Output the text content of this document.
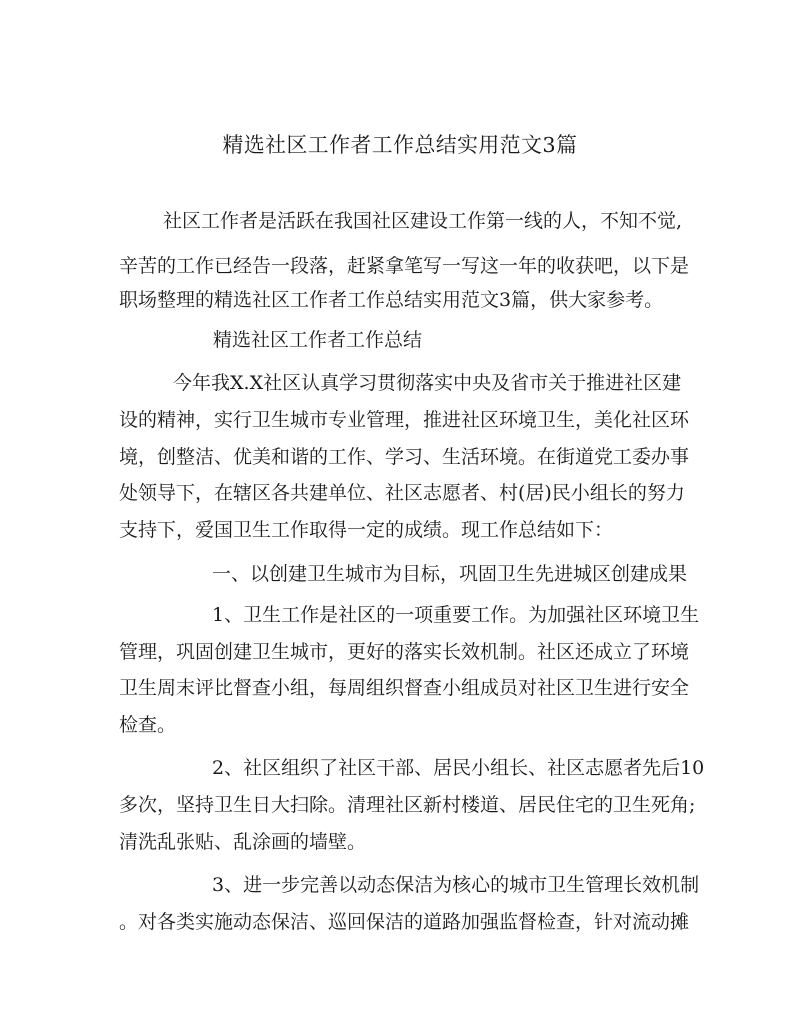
精选社区工作者工作总结实用范文3篇
社区工作者是活跃在我国社区建设工作第一线的人，不知不觉,
辛苦的工作已经告一段落，赶紧拿笔写一写这一年的收获吧，以下是
职场整理的精选社区工作者工作总结实用范文3篇，供大家参考。
精选社区工作者工作总结
今年我X.X社区认真学习贯彻落实中央及省市关于推进社区建
设的精神，实行卫生城市专业管理，推进社区环境卫生，美化社区环
境，创整洁、优美和谐的工作、学习、生活环境。在街道党工委办事
处领导下，在辖区各共建单位、社区志愿者、村(居)民小组长的努力
支持下，爱国卫生工作取得一定的成绩。现工作总结如下：
一、以创建卫生城市为目标，巩固卫生先进城区创建成果
1、卫生工作是社区的一项重要工作。为加强社区环境卫生
管理，巩固创建卫生城市，更好的落实长效机制。社区还成立了环境
卫生周末评比督查小组，每周组织督查小组成员对社区卫生进行安全
检查。
2、社区组织了社区干部、居民小组长、社区志愿者先后10
多次，坚持卫生日大扫除。清理社区新村楼道、居民住宅的卫生死角;
清洗乱张贴、乱涂画的墙壁。
3、进一步完善以动态保洁为核心的城市卫生管理长效机制
。对各类实施动态保洁、巡回保洁的道路加强监督检查，针对流动摊
